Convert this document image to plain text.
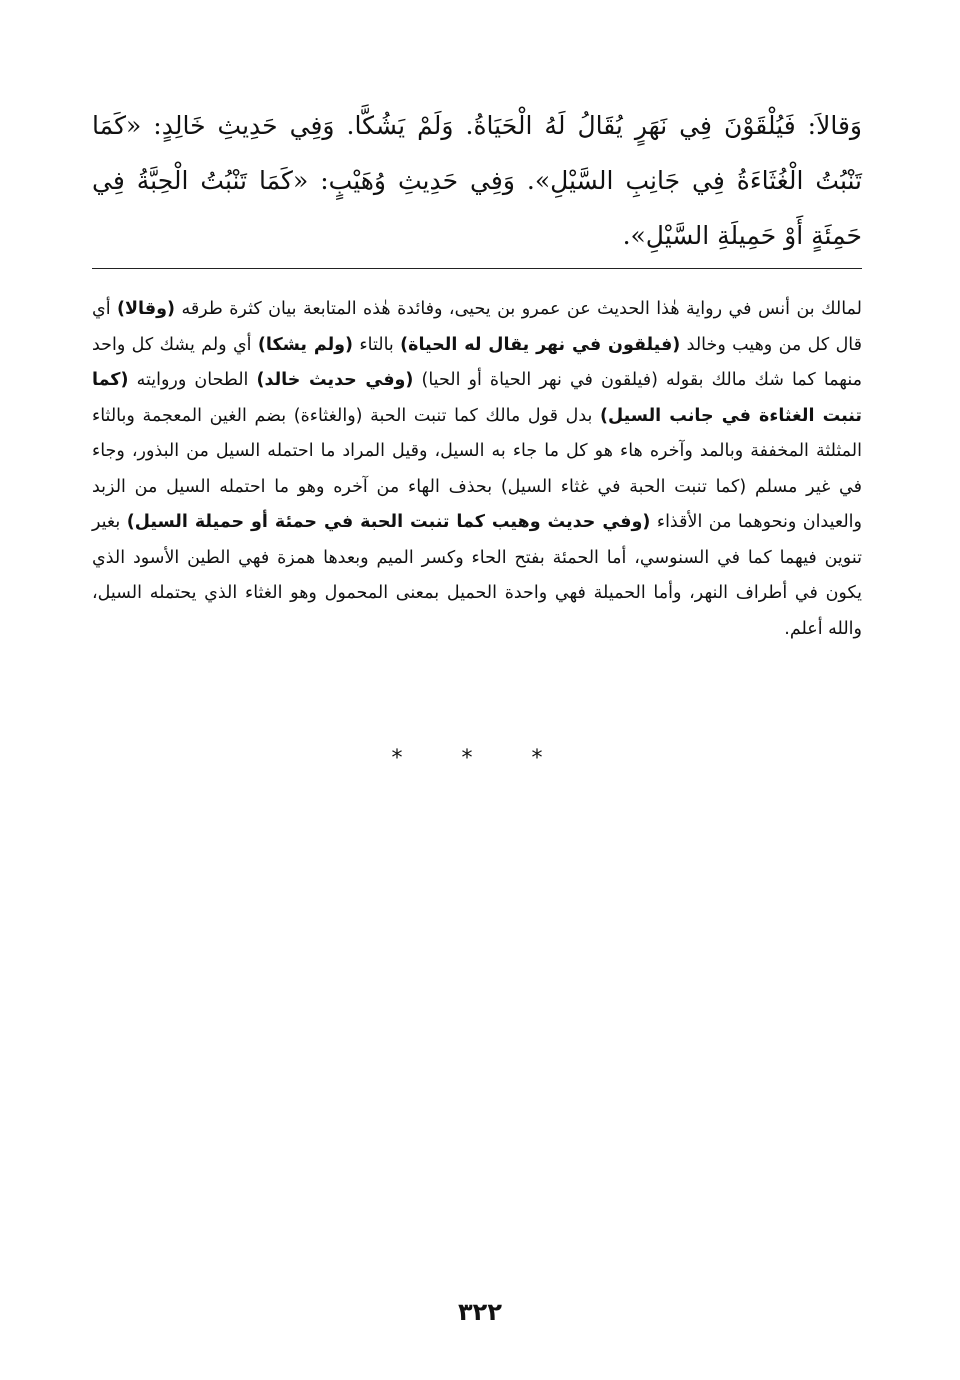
وَقالاَ: فَيُلْقَوْنَ فِي نَهَرٍ يُقَالُ لَهُ الْحَيَاةُ. وَلَمْ يَشُكَّا. وَفِي حَدِيثِ خَالِدٍ: «كَمَا تَنْبُتُ الْغُثَاءَةُ فِي جَانِبِ السَّيْلِ». وَفِي حَدِيثِ وُهَيْبٍ: «كَمَا تَنْبُتُ الْحِبَّةُ فِي حَمِئَةٍ أَوْ حَمِيلَةِ السَّيْلِ».

لمالك بن أنس في رواية هٰذا الحديث عن عمرو بن يحيى، وفائدة هٰذه المتابعة بيان كثرة طرقه (وقالا) أي قال كل من وهيب وخالد (فيلقون في نهر يقال له الحياة) بالتاء (ولم يشكا) أي ولم يشك كل واحد منهما كما شك مالك بقوله (فيلقون في نهر الحياة أو الحيا) (وفي حديث خالد) الطحان وروايته (كما تنبت الغثاءة في جانب السيل) بدل قول مالك كما تنبت الحبة (والغثاءة) بضم الغين المعجمة وبالثاء المثلثة المخففة وبالمد وآخره هاء هو كل ما جاء به السيل، وقيل المراد ما احتمله السيل من البذور، وجاء في غير مسلم (كما تنبت الحبة في غثاء السيل) بحذف الهاء من آخره وهو ما احتمله السيل من الزبد والعيدان ونحوهما من الأقذاء (وفي حديث وهيب كما تنبت الحبة في حمئة أو حميلة السيل) بغير تنوين فيهما كما في السنوسي، أما الحمئة بفتح الحاء وكسر الميم وبعدها همزة فهي الطين الأسود الذي يكون في أطراف النهر، وأما الحميلة فهي واحدة الحميل بمعنى المحمول وهو الغثاء الذي يحتمله السيل، والله أعلم.

* * *
٣٢٢
